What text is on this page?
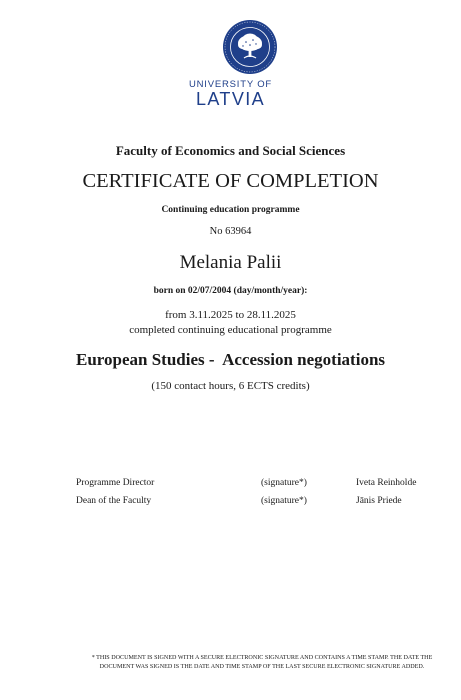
UNIVERSITY OF
LATVIA
Faculty of Economics and Social Sciences
CERTIFICATE OF COMPLETION
Continuing education programme
No 63964
Melania Palii
born on 02/07/2004 (day/month/year):
from 3.11.2025 to 28.11.2025
completed continuing educational programme
European Studies -  Accession negotiations
(150 contact hours, 6 ECTS credits)
Programme Director	(signature*)	Iveta Reinholde
Dean of the Faculty	(signature*)	Jānis Priede
* THIS DOCUMENT IS SIGNED WITH A SECURE ELECTRONIC SIGNATURE AND CONTAINS A TIME STAMP. THE DATE THE
DOCUMENT WAS SIGNED IS THE DATE AND TIME STAMP OF THE LAST SECURE ELECTRONIC SIGNATURE ADDED.
